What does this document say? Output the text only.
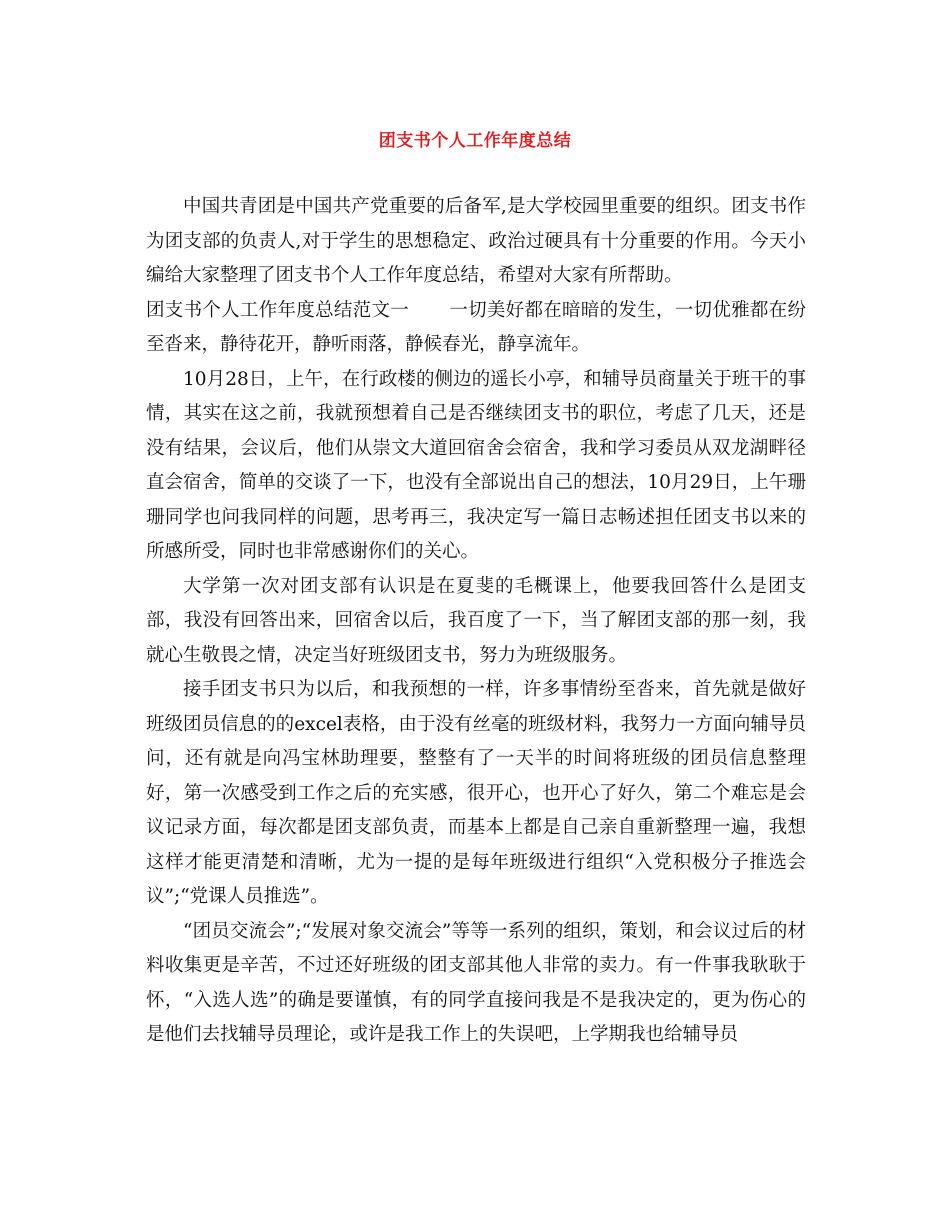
团支书个人工作年度总结

中国共青团是中国共产党重要的后备军,是大学校园里重要的组织。团支书作为团支部的负责人,对于学生的思想稳定、政治过硬具有十分重要的作用。今天小编给大家整理了团支书个人工作年度总结，希望对大家有所帮助。

团支书个人工作年度总结范文一 一切美好都在暗暗的发生，一切优雅都在纷至沓来，静待花开，静听雨落，静候春光，静享流年。

10月28日，上午，在行政楼的侧边的遥长小亭，和辅导员商量关于班干的事情，其实在这之前，我就预想着自己是否继续团支书的职位，考虑了几天，还是没有结果，会议后，他们从崇文大道回宿舍会宿舍，我和学习委员从双龙湖畔径直会宿舍，简单的交谈了一下，也没有全部说出自己的想法，10月29日，上午珊珊同学也问我同样的问题，思考再三，我决定写一篇日志畅述担任团支书以来的所感所受，同时也非常感谢你们的关心。

大学第一次对团支部有认识是在夏斐的毛概课上，他要我回答什么是团支部，我没有回答出来，回宿舍以后，我百度了一下，当了解团支部的那一刻，我就心生敬畏之情，决定当好班级团支书，努力为班级服务。

接手团支书只为以后，和我预想的一样，许多事情纷至沓来，首先就是做好班级团员信息的的excel表格，由于没有丝毫的班级材料，我努力一方面向辅导员问，还有就是向冯宝林助理要，整整有了一天半的时间将班级的团员信息整理好，第一次感受到工作之后的充实感，很开心，也开心了好久，第二个难忘是会议记录方面，每次都是团支部负责，而基本上都是自己亲自重新整理一遍，我想这样才能更清楚和清晰，尤为一提的是每年班级进行组织“入党积极分子推选会议”;“党课人员推选”。

“团员交流会”;“发展对象交流会”等等一系列的组织，策划，和会议过后的材料收集更是辛苦，不过还好班级的团支部其他人非常的卖力。有一件事我耿耿于怀，“入选人选”的确是要谨慎，有的同学直接问我是不是我决定的，更为伤心的是他们去找辅导员理论，或许是我工作上的失误吧，上学期我也给辅导员
